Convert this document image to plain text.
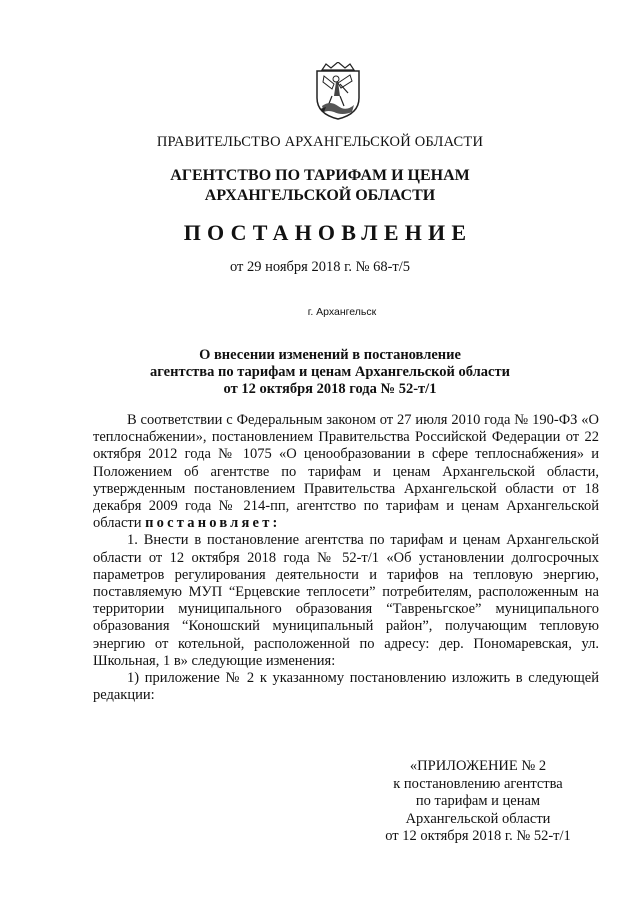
ПРАВИТЕЛЬСТВО АРХАНГЕЛЬСКОЙ ОБЛАСТИ
АГЕНТСТВО ПО ТАРИФАМ И ЦЕНАМ
АРХАНГЕЛЬСКОЙ ОБЛАСТИ
ПОСТАНОВЛЕНИЕ
от 29 ноября 2018 г. № 68-т/5
г. Архангельск
О внесении изменений в постановление
агентства по тарифам и ценам Архангельской области
от 12 октября 2018 года № 52-т/1

В соответствии с Федеральным законом от 27 июля 2010 года № 190-ФЗ «О теплоснабжении», постановлением Правительства Российской Федерации от 22 октября 2012 года № 1075 «О ценообразовании в сфере теплоснабжения» и Положением об агентстве по тарифам и ценам Архангельской области, утвержденным постановлением Правительства Архангельской области от 18 декабря 2009 года № 214-пп, агентство по тарифам и ценам Архангельской области постановляет:

1. Внести в постановление агентства по тарифам и ценам Архангельской области от 12 октября 2018 года № 52-т/1 «Об установлении долгосрочных параметров регулирования деятельности и тарифов на тепловую энергию, поставляемую МУП “Ерцевские теплосети” потребителям, расположенным на территории муниципального образования “Тавреньгское” муниципального образования “Коношский муниципальный район”, получающим тепловую энергию от котельной, расположенной по адресу: дер. Пономаревская, ул. Школьная, 1 в» следующие изменения:

1) приложение № 2 к указанному постановлению изложить в следующей редакции:

«ПРИЛОЖЕНИЕ № 2
к постановлению агентства
по тарифам и ценам
Архангельской области
от 12 октября 2018 г. № 52-т/1
